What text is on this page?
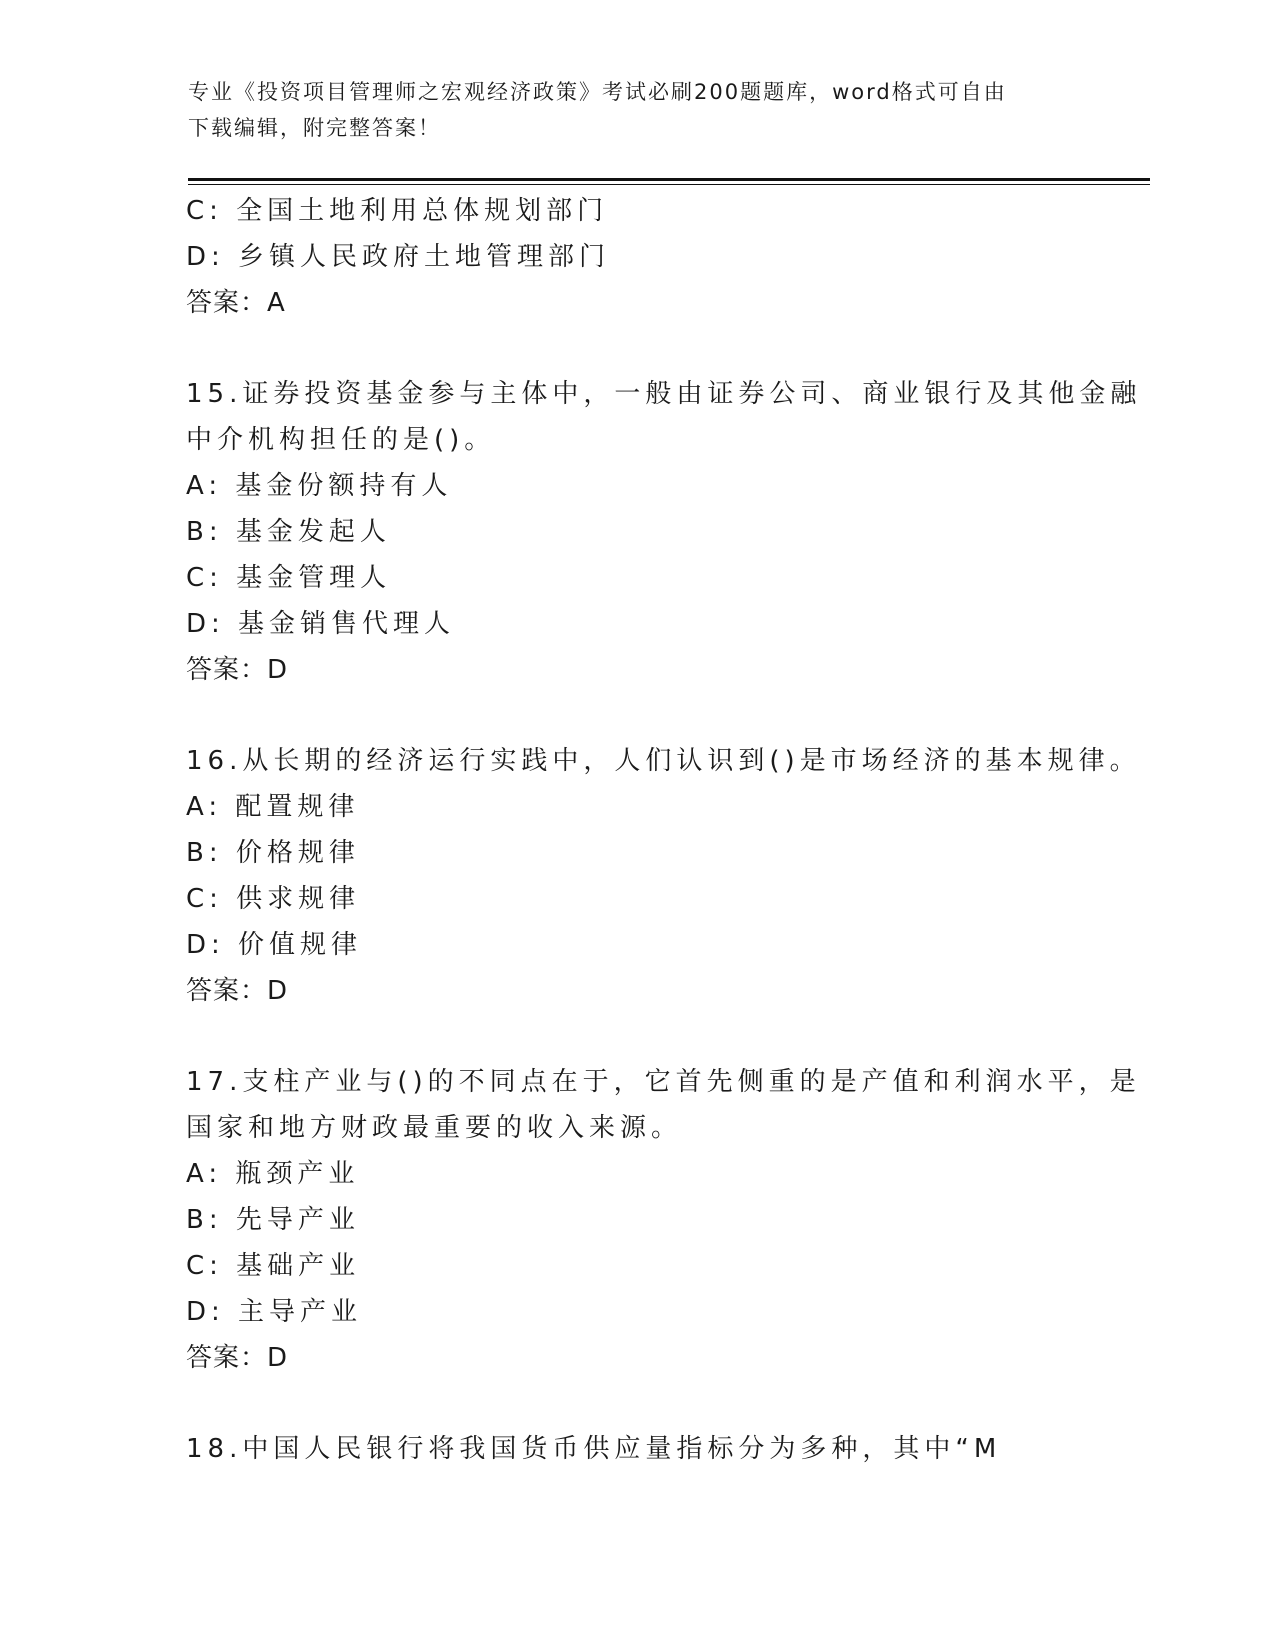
专业《投资项目管理师之宏观经济政策》考试必刷200题题库，word格式可自由
下载编辑，附完整答案！
C: 全国土地利用总体规划部门
D: 乡镇人民政府土地管理部门
答案：A
15.证券投资基金参与主体中，一般由证券公司、商业银行及其他金融
中介机构担任的是()。
A: 基金份额持有人
B: 基金发起人
C: 基金管理人
D: 基金销售代理人
答案：D
16.从长期的经济运行实践中，人们认识到()是市场经济的基本规律。
A: 配置规律
B: 价格规律
C: 供求规律
D: 价值规律
答案：D
17.支柱产业与()的不同点在于，它首先侧重的是产值和利润水平，是
国家和地方财政最重要的收入来源。
A: 瓶颈产业
B: 先导产业
C: 基础产业
D: 主导产业
答案：D
18.中国人民银行将我国货币供应量指标分为多种，其中“M
